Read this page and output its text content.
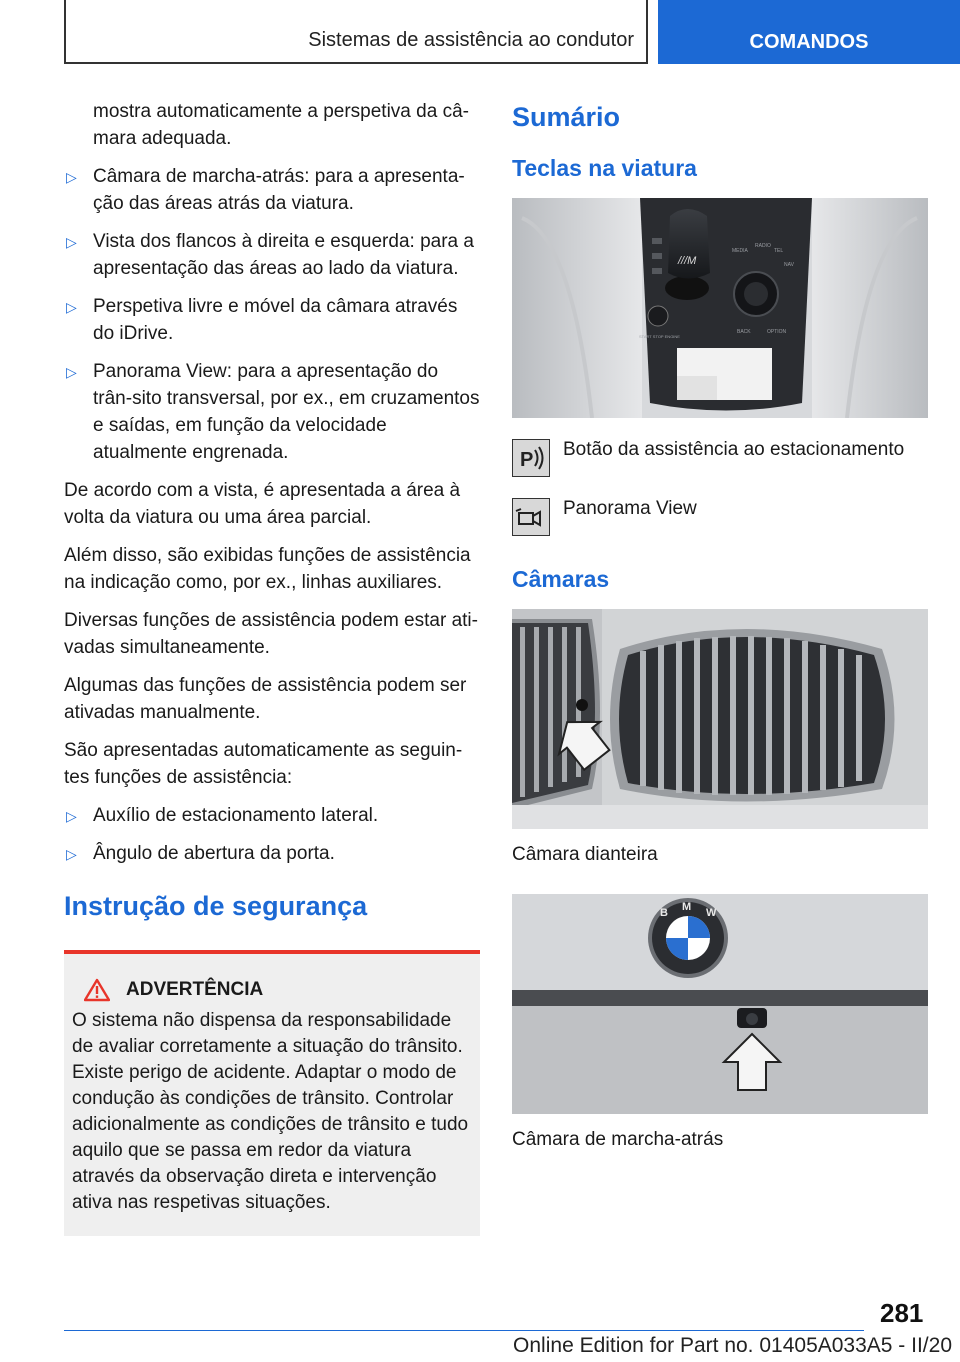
Sistemas de assistência ao condutor	COMANDOS

mostra automaticamente a perspetiva da câ-mara adequada.

▷ Câmara de marcha-atrás: para a apresenta-ção das áreas atrás da viatura.
▷ Vista dos flancos à direita e esquerda: para a apresentação das áreas ao lado da viatura.
▷ Perspetiva livre e móvel da câmara através do iDrive.
▷ Panorama View: para a apresentação do trân-sito transversal, por ex., em cruzamentos e saídas, em função da velocidade atualmente engrenada.

De acordo com a vista, é apresentada a área à volta da viatura ou uma área parcial.

Além disso, são exibidas funções de assistência na indicação como, por ex., linhas auxiliares.

Diversas funções de assistência podem estar ati-vadas simultaneamente.

Algumas das funções de assistência podem ser ativadas manualmente.

São apresentadas automaticamente as seguin-tes funções de assistência:

▷ Auxílio de estacionamento lateral.
▷ Ângulo de abertura da porta.
Instrução de segurança
ADVERTÊNCIA

O sistema não dispensa da responsabilidade de avaliar corretamente a situação do trânsito. Existe perigo de acidente. Adaptar o modo de condução às condições de trânsito. Controlar adicionalmente as condições de trânsito e tudo aquilo que se passa em redor da viatura através da observação direta e intervenção ativa nas respetivas situações.

Sumário
Teclas na viatura
///M
MEDIA
RADIO
TEL
NAV
BACK	OPTION
START STOP ENGINE
P Botão da assistência ao estacionamento
Panorama View
Câmaras
Câmara dianteira
B M W
Câmara de marcha-atrás
281
Online Edition for Part no. 01405A033A5 - II/20
